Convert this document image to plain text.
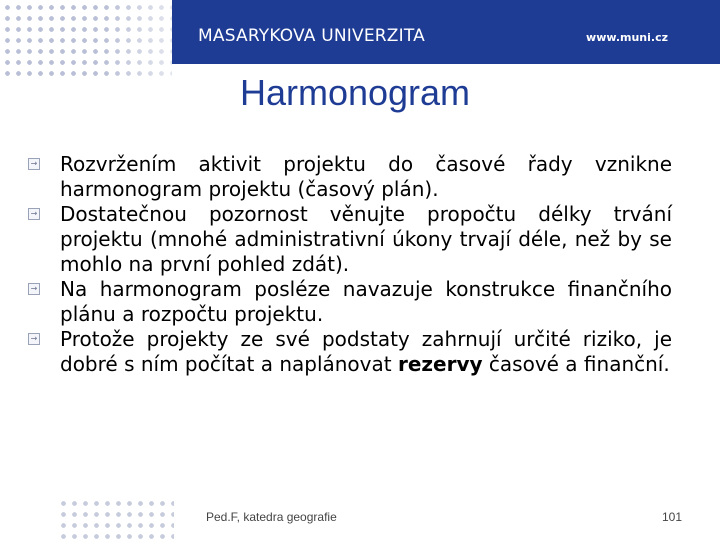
MASARYKOVA UNIVERZITA	www.muni.cz
Harmonogram
→ Rozvržením aktivit projektu do časové řady vznikne harmonogram projektu (časový plán).
→ Dostatečnou pozornost věnujte propočtu délky trvání projektu (mnohé administrativní úkony trvají déle, než by se mohlo na první pohled zdát).
→ Na harmonogram posléze navazuje konstrukce finančního plánu a rozpočtu projektu.
→ Protože projekty ze své podstaty zahrnují určité riziko, je dobré s ním počítat a naplánovat rezervy časové a finanční.
Ped.F, katedra geografie	101
